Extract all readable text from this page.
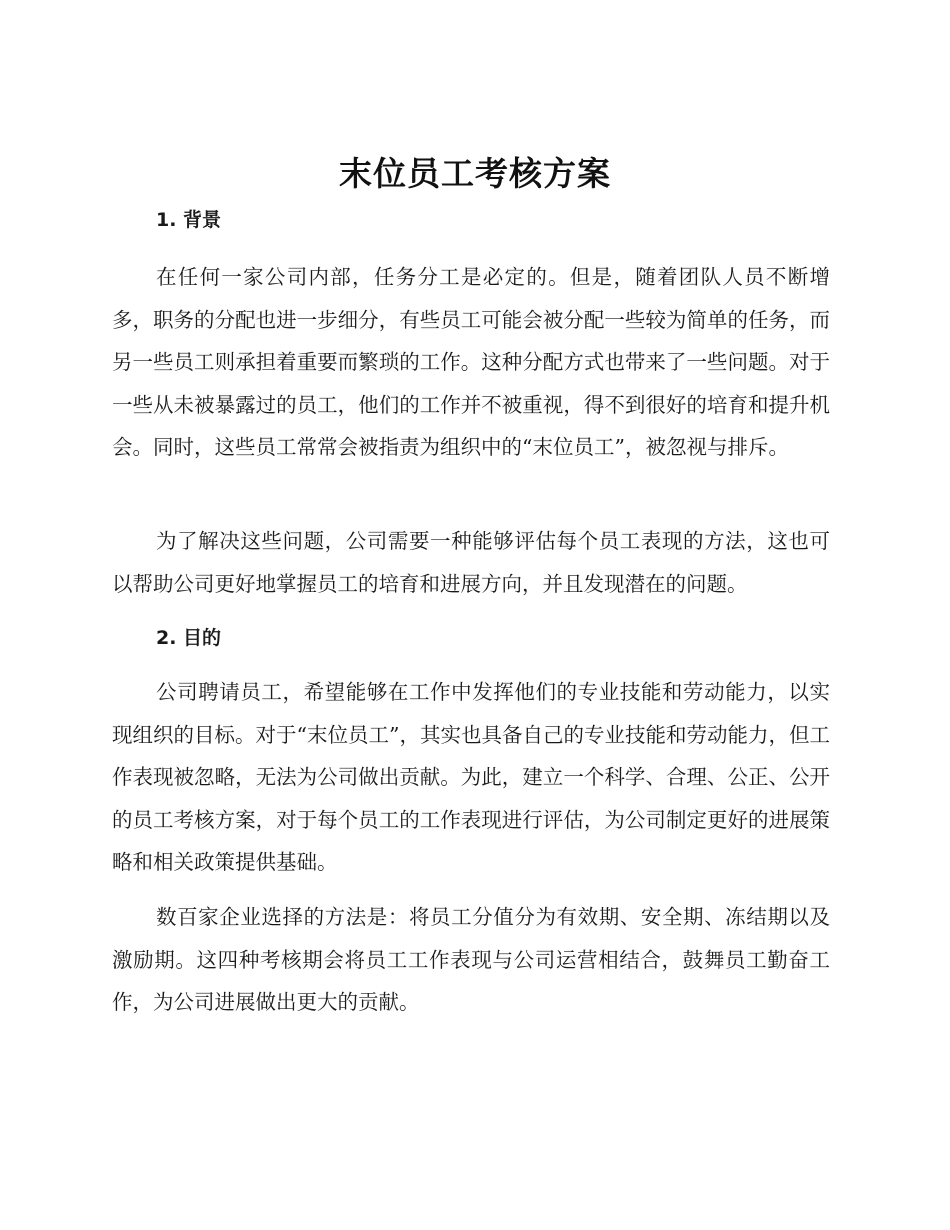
末位员工考核方案
1. 背景

在任何一家公司内部，任务分工是必定的。但是，随着团队人员不断增多，职务的分配也进一步细分，有些员工可能会被分配一些较为简单的任务，而另一些员工则承担着重要而繁琐的工作。这种分配方式也带来了一些问题。对于一些从未被暴露过的员工，他们的工作并不被重视，得不到很好的培育和提升机会。同时，这些员工常常会被指责为组织中的“末位员工”，被忽视与排斥。

为了解决这些问题，公司需要一种能够评估每个员工表现的方法，这也可以帮助公司更好地掌握员工的培育和进展方向，并且发现潜在的问题。

2. 目的

公司聘请员工，希望能够在工作中发挥他们的专业技能和劳动能力，以实现组织的目标。对于“末位员工”，其实也具备自己的专业技能和劳动能力，但工作表现被忽略，无法为公司做出贡献。为此，建立一个科学、合理、公正、公开的员工考核方案，对于每个员工的工作表现进行评估，为公司制定更好的进展策略和相关政策提供基础。

数百家企业选择的方法是：将员工分值分为有效期、安全期、冻结期以及激励期。这四种考核期会将员工工作表现与公司运营相结合，鼓舞员工勤奋工作，为公司进展做出更大的贡献。
